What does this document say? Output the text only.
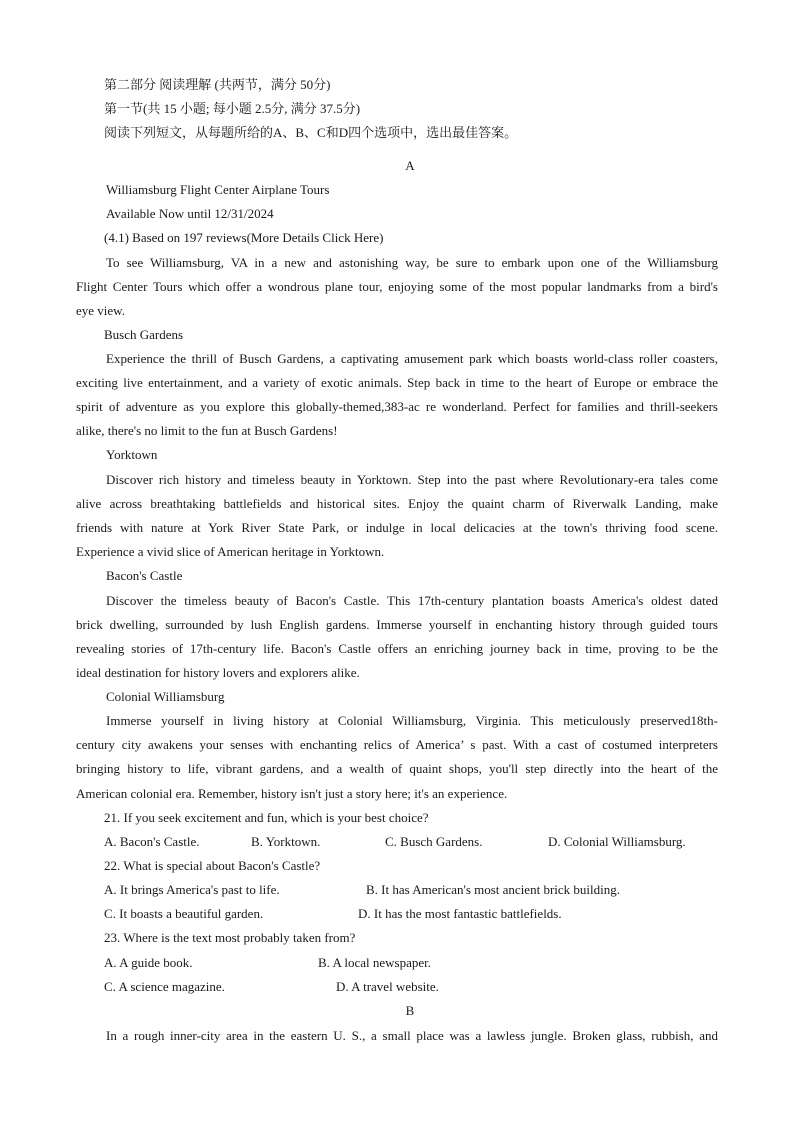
第二部分 阅读理解 (共两节，满分 50分)
第一节(共 15 小题; 每小题 2.5分, 满分 37.5分)
阅读下列短文，从每题所给的A、B、C和D四个选项中，选出最佳答案。
A
Williamsburg Flight Center Airplane Tours
Available Now until 12/31/2024
(4.1) Based on 197 reviews(More Details Click Here)
To see Williamsburg, VA in a new and astonishing way, be sure to embark upon one of the Williamsburg
Flight Center Tours which offer a wondrous plane tour, enjoying some of the most popular landmarks from a bird's
eye view.
Busch Gardens
Experience the thrill of Busch Gardens, a captivating amusement park which boasts world-class roller coasters,
exciting live entertainment, and a variety of exotic animals. Step back in time to the heart of Europe or embrace the
spirit of adventure as you explore this globally-themed,383-ac re wonderland. Perfect for families and thrill-seekers
alike, there's no limit to the fun at Busch Gardens!
Yorktown
Discover rich history and timeless beauty in Yorktown. Step into the past where Revolutionary-era tales come
alive across breathtaking battlefields and historical sites. Enjoy the quaint charm of Riverwalk Landing, make
friends with nature at York River State Park, or indulge in local delicacies at the town's thriving food scene.
Experience a vivid slice of American heritage in Yorktown.
Bacon's Castle
Discover the timeless beauty of Bacon's Castle. This 17th-century plantation boasts America's oldest dated
brick dwelling, surrounded by lush English gardens. Immerse yourself in enchanting history through guided tours
revealing stories of 17th-century life. Bacon's Castle offers an enriching journey back in time, proving to be the
ideal destination for history lovers and explorers alike.
Colonial Williamsburg
Immerse yourself in living history at Colonial Williamsburg, Virginia. This meticulously preserved18th-
century city awakens your senses with enchanting relics of America’ s past. With a cast of costumed interpreters
bringing history to life, vibrant gardens, and a wealth of quaint shops, you'll step directly into the heart of the
American colonial era. Remember, history isn't just a story here; it's an experience.
21. If you seek excitement and fun, which is your best choice?
A. Bacon's Castle.	B. Yorktown.	C. Busch Gardens.	D. Colonial Williamsburg.
22. What is special about Bacon's Castle?
A. It brings America's past to life.	B. It has American's most ancient brick building.
C. It boasts a beautiful garden.	D. It has the most fantastic battlefields.
23. Where is the text most probably taken from?
A. A guide book.	B. A local newspaper.
C. A science magazine.	D. A travel website.
B
In a rough inner-city area in the eastern U. S., a small place was a lawless jungle. Broken glass, rubbish, and
